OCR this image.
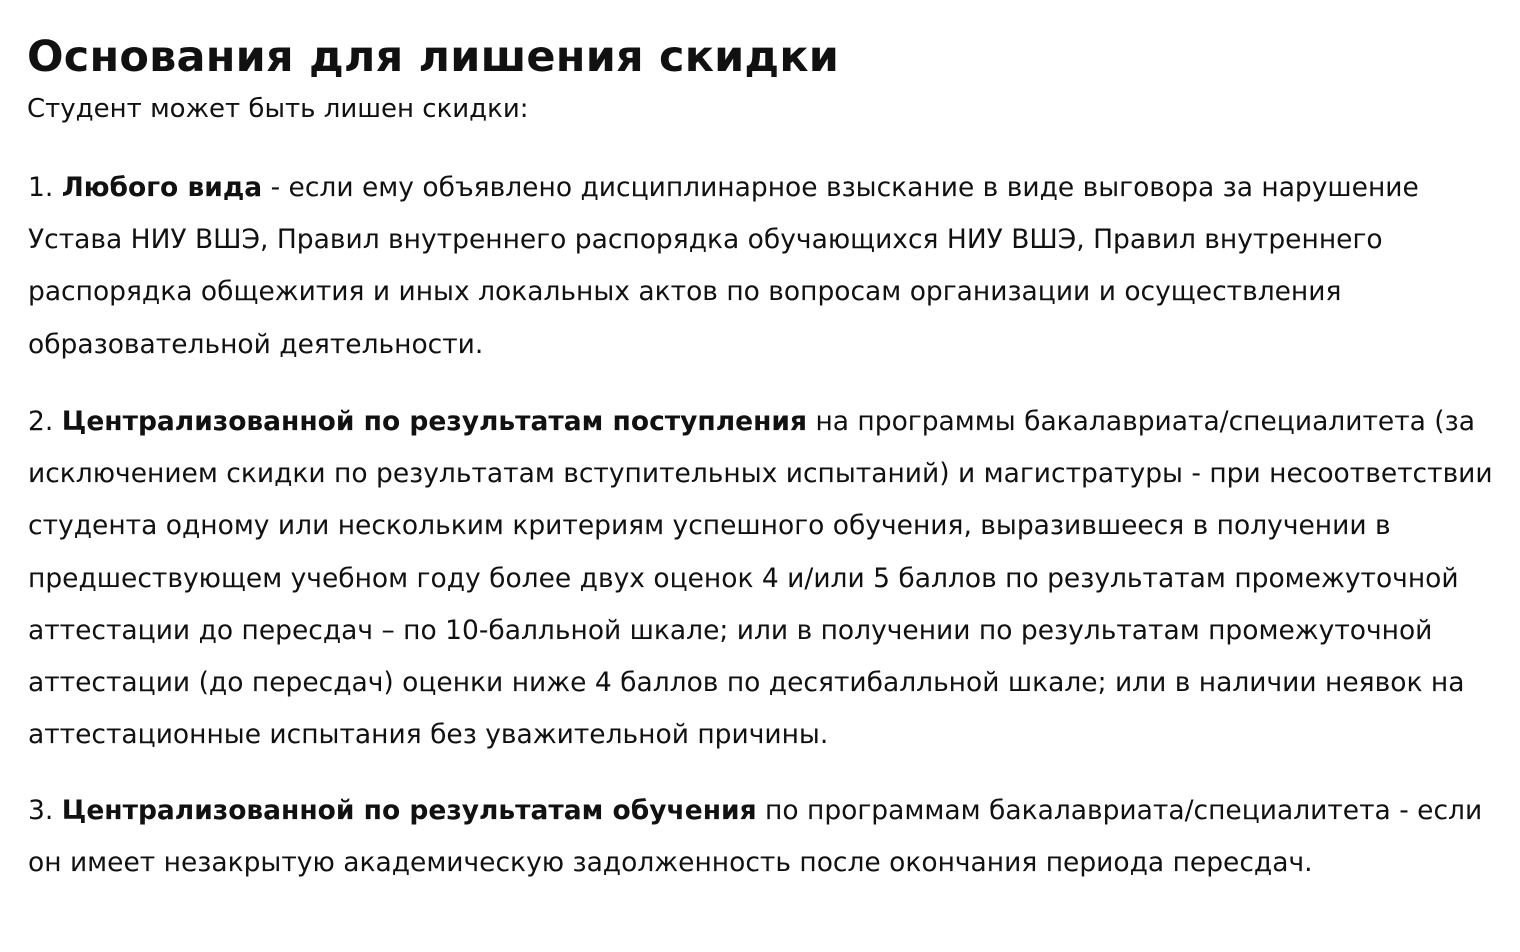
Основания для лишения скидки

Студент может быть лишен скидки:

1. Любого вида - если ему объявлено дисциплинарное взыскание в виде выговора за нарушение Устава НИУ ВШЭ, Правил внутреннего распорядка обучающихся НИУ ВШЭ, Правил внутреннего распорядка общежития и иных локальных актов по вопросам организации и осуществления образовательной деятельности.

2. Централизованной по результатам поступления на программы бакалавриата/специалитета (за исключением скидки по результатам вступительных испытаний) и магистратуры - при несоответствии студента одному или нескольким критериям успешного обучения, выразившееся в получении в предшествующем учебном году более двух оценок 4 и/или 5 баллов по результатам промежуточной аттестации до пересдач – по 10-балльной шкале; или в получении по результатам промежуточной аттестации (до пересдач) оценки ниже 4 баллов по десятибалльной шкале; или в наличии неявок на аттестационные испытания без уважительной причины.

3. Централизованной по результатам обучения по программам бакалавриата/специалитета - если он имеет незакрытую академическую задолженность после окончания периода пересдач.
